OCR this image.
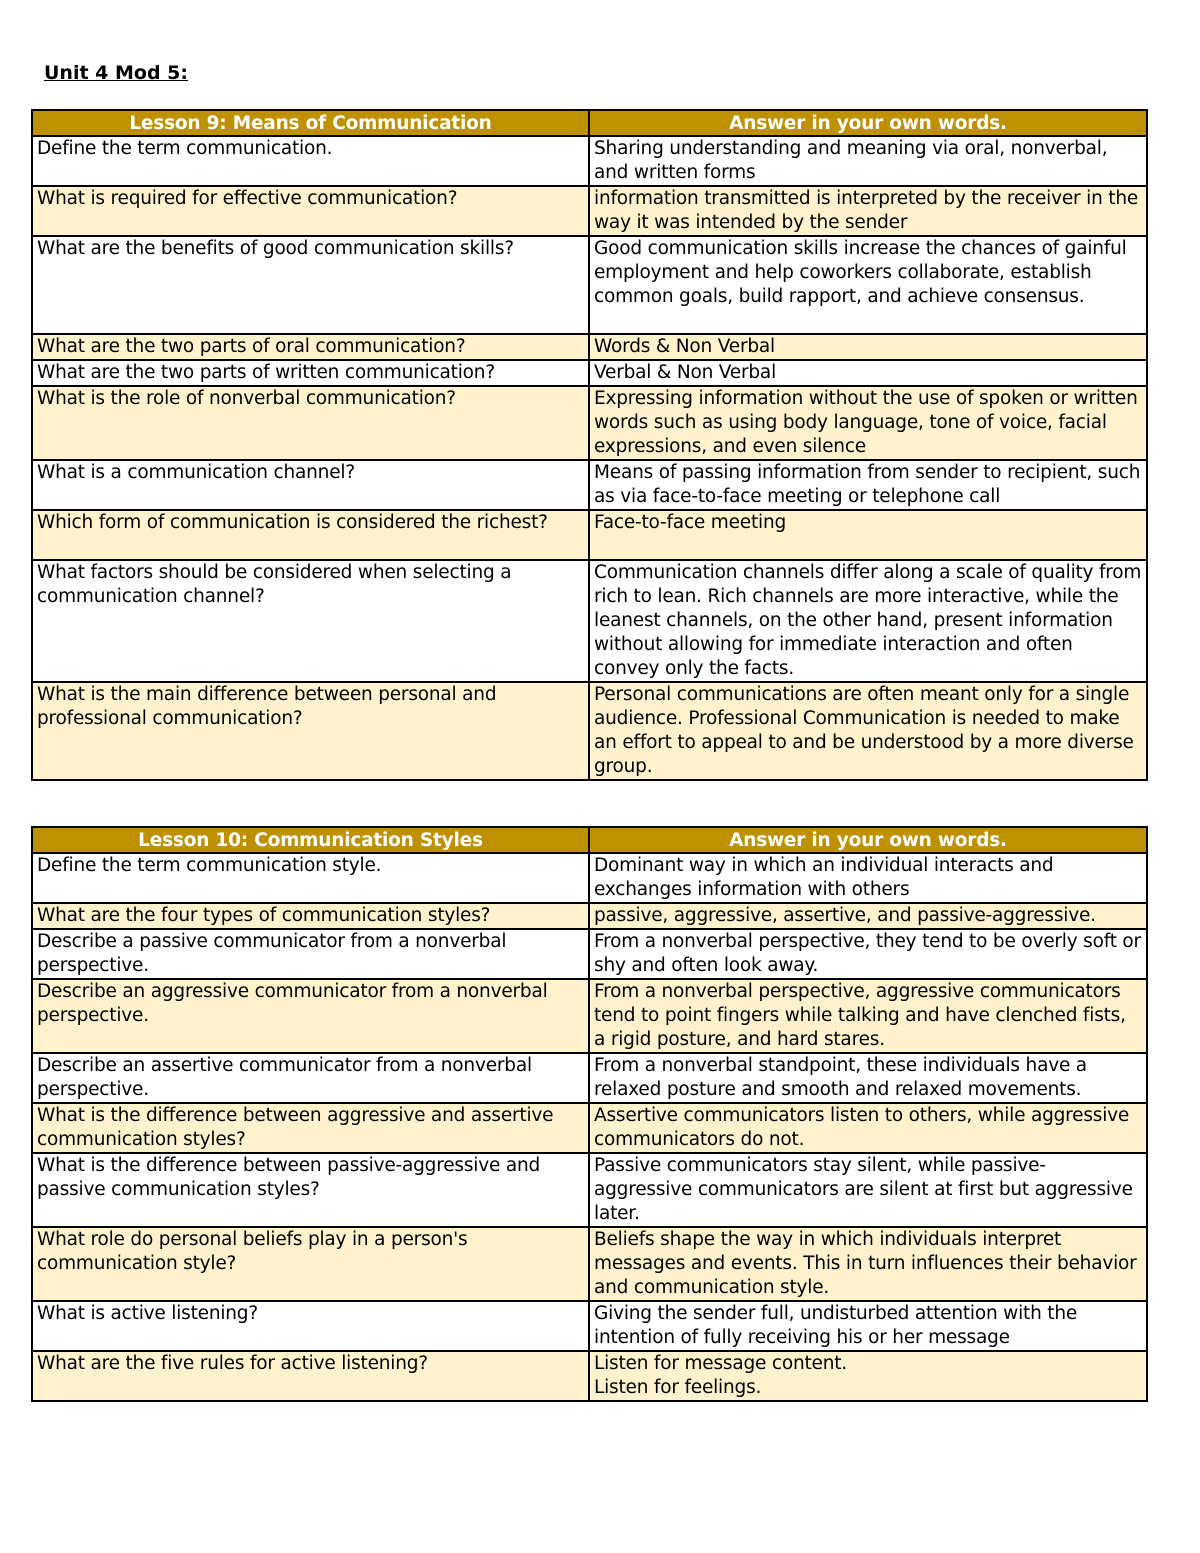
Unit 4 Mod 5:
Lesson 9: Means of Communication	Answer in your own words.
Define the term communication.	Sharing understanding and meaning via oral, nonverbal, and written forms
What is required for effective communication?	information transmitted is interpreted by the receiver in the way it was intended by the sender
What are the benefits of good communication skills?	Good communication skills increase the chances of gainful employment and help coworkers collaborate, establish common goals, build rapport, and achieve consensus.
What are the two parts of oral communication?	Words & Non Verbal
What are the two parts of written communication?	Verbal & Non Verbal
What is the role of nonverbal communication?	Expressing information without the use of spoken or written words such as using body language, tone of voice, facial expressions, and even silence
What is a communication channel?	Means of passing information from sender to recipient, such as via face-to-face meeting or telephone call
Which form of communication is considered the richest?	Face-to-face meeting
What factors should be considered when selecting a communication channel?	Communication channels differ along a scale of quality from rich to lean. Rich channels are more interactive, while the leanest channels, on the other hand, present information without allowing for immediate interaction and often convey only the facts.
What is the main difference between personal and professional communication?	Personal communications are often meant only for a single audience. Professional Communication is needed to make an effort to appeal to and be understood by a more diverse group.
Lesson 10: Communication Styles	Answer in your own words.
Define the term communication style.	Dominant way in which an individual interacts and exchanges information with others
What are the four types of communication styles?	passive, aggressive, assertive, and passive-aggressive.
Describe a passive communicator from a nonverbal perspective.	From a nonverbal perspective, they tend to be overly soft or shy and often look away.
Describe an aggressive communicator from a nonverbal perspective.	From a nonverbal perspective, aggressive communicators tend to point fingers while talking and have clenched fists, a rigid posture, and hard stares.
Describe an assertive communicator from a nonverbal perspective.	From a nonverbal standpoint, these individuals have a relaxed posture and smooth and relaxed movements.
What is the difference between aggressive and assertive communication styles?	Assertive communicators listen to others, while aggressive communicators do not.
What is the difference between passive-aggressive and passive communication styles?	Passive communicators stay silent, while passive-aggressive communicators are silent at first but aggressive later.
What role do personal beliefs play in a person's communication style?	Beliefs shape the way in which individuals interpret messages and events. This in turn influences their behavior and communication style.
What is active listening?	Giving the sender full, undisturbed attention with the intention of fully receiving his or her message
What are the five rules for active listening?	Listen for message content.
Listen for feelings.
